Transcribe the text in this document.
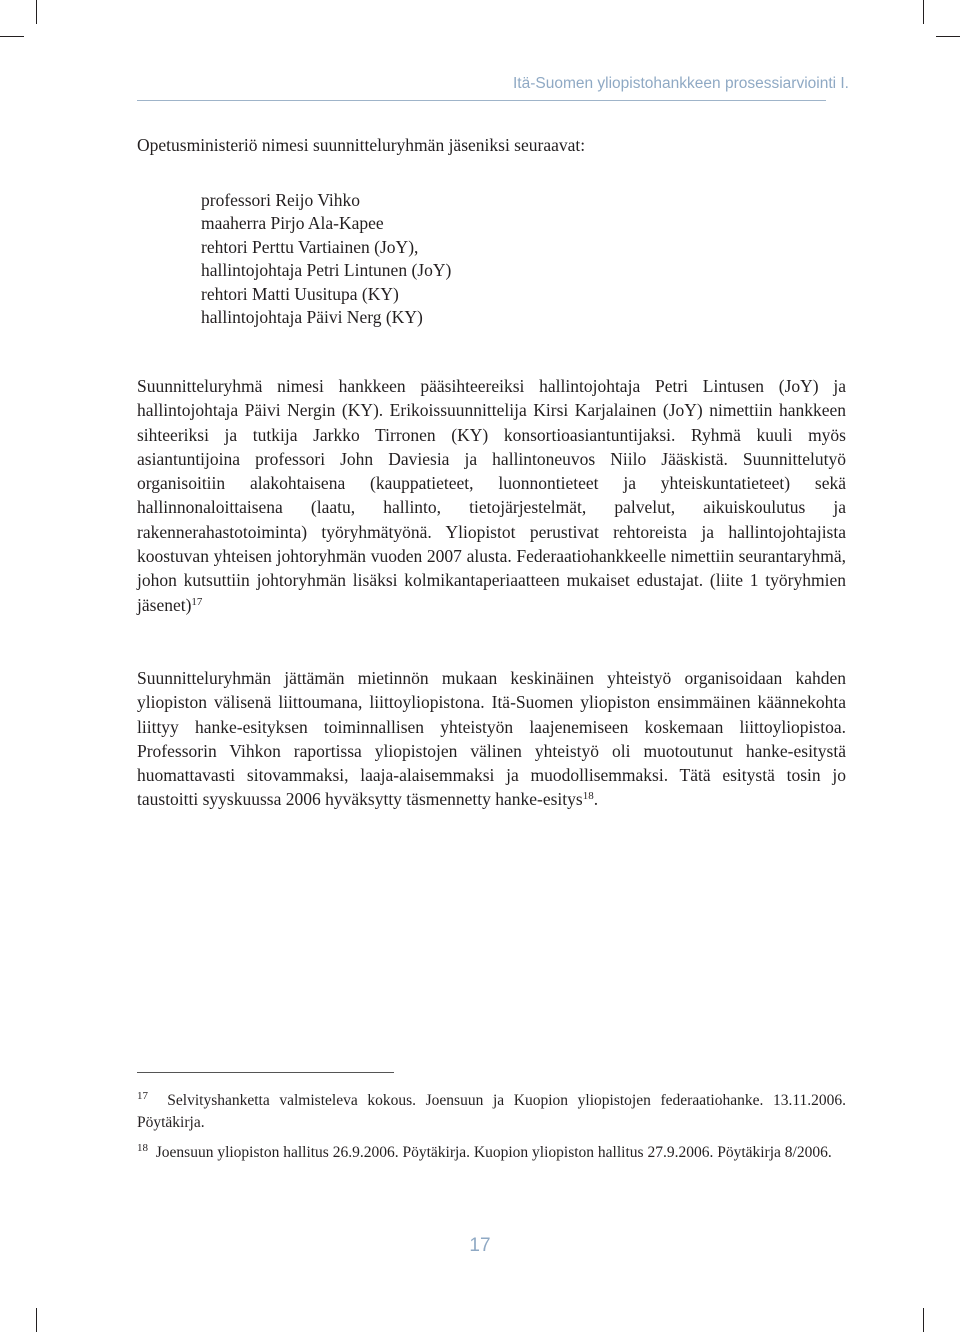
Itä-Suomen yliopistohankkeen prosessiarviointi I.
Opetusministeriö nimesi suunnitteluryhmän jäseniksi seuraavat:
professori Reijo Vihko
maaherra Pirjo Ala-Kapee
rehtori Perttu Vartiainen (JoY),
hallintojohtaja Petri Lintunen (JoY)
rehtori Matti Uusitupa (KY)
hallintojohtaja Päivi Nerg (KY)

Suunnitteluryhmä nimesi hankkeen pääsihteereiksi hallintojohtaja Petri Lintusen (JoY) ja hallintojohtaja Päivi Nergin (KY). Erikoissuunnittelija Kirsi Karjalainen (JoY) nimettiin hankkeen sihteeriksi ja tutkija Jarkko Tirronen (KY) konsortioasiantuntijaksi. Ryhmä kuuli myös asiantuntijoina professori John Daviesia ja hallintoneuvos Niilo Jääskistä. Suunnittelutyö organisoitiin alakohtaisena (kauppatieteet, luonnontieteet ja yhteiskuntatieteet) sekä hallinnonaloittaisena (laatu, hallinto, tietojärjestelmät, palvelut, aikuiskoulutus ja rakennerahastotoiminta) työryhmätyönä. Yliopistot perustivat rehtoreista ja hallintojohtajista koostuvan yhteisen johtoryhmän vuoden 2007 alusta. Federaatiohankkeelle nimettiin seurantaryhmä, johon kutsuttiin johtoryhmän lisäksi kolmikantaperiaatteen mukaiset edustajat. (liite 1 työryhmien jäsenet)$^{17}$

Suunnitteluryhmän jättämän mietinnön mukaan keskinäinen yhteistyö organisoidaan kahden yliopiston välisenä liittoumana, liittoyliopistona. Itä-Suomen yliopiston ensimmäinen käännekohta liittyy hanke-esityksen toiminnallisen yhteistyön laajenemiseen koskemaan liittoyliopistoa. Professorin Vihkon raportissa yliopistojen välinen yhteistyö oli muotoutunut hanke-esitystä huomattavasti sitovammaksi, laaja-alaisemmaksi ja muodollisemmaksi. Tätä esitystä tosin jo taustoitti syyskuussa 2006 hyväksytty täsmennetty hanke-esitys$^{18}$.

$^{17}$ Selvityshanketta valmisteleva kokous. Joensuun ja Kuopion yliopistojen federaatiohanke. 13.11.2006. Pöytäkirja.

$^{18}$ Joensuun yliopiston hallitus 26.9.2006. Pöytäkirja. Kuopion yliopiston hallitus 27.9.2006. Pöytäkirja 8/2006.

17
